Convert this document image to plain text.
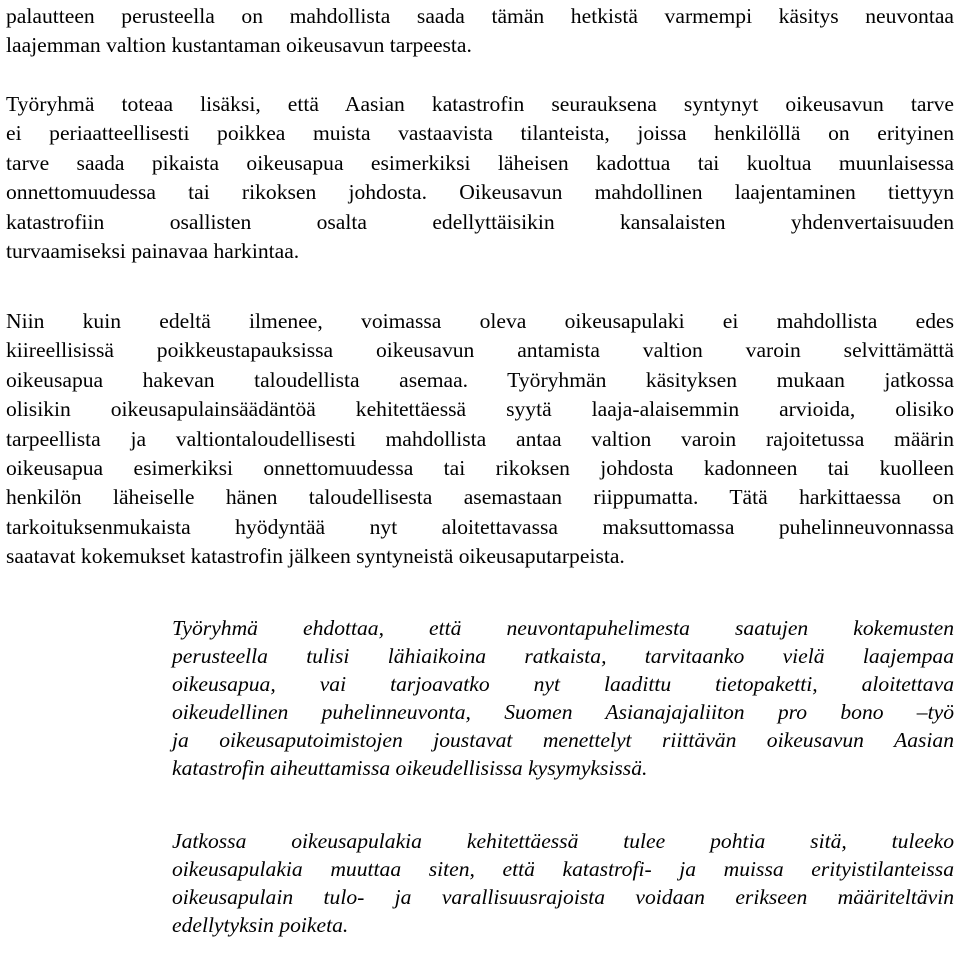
palautteen perusteella on mahdollista saada tämän hetkistä varmempi käsitys neuvontaa
laajemman valtion kustantaman oikeusavun tarpeesta.
Työryhmä toteaa lisäksi, että Aasian katastrofin seurauksena syntynyt oikeusavun tarve
ei periaatteellisesti poikkea muista vastaavista tilanteista, joissa henkilöllä on erityinen
tarve saada pikaista oikeusapua esimerkiksi läheisen kadottua tai kuoltua muunlaisessa
onnettomuudessa tai rikoksen johdosta. Oikeusavun mahdollinen laajentaminen tiettyyn
katastrofiin osallisten osalta edellyttäisikin kansalaisten yhdenvertaisuuden
turvaamiseksi painavaa harkintaa.
Niin kuin edeltä ilmenee, voimassa oleva oikeusapulaki ei mahdollista edes
kiireellisissä poikkeustapauksissa oikeusavun antamista valtion varoin selvittämättä
oikeusapua hakevan taloudellista asemaa. Työryhmän käsityksen mukaan jatkossa
olisikin oikeusapulainsäädäntöä kehitettäessä syytä laaja-alaisemmin arvioida, olisiko
tarpeellista ja valtiontaloudellisesti mahdollista antaa valtion varoin rajoitetussa määrin
oikeusapua esimerkiksi onnettomuudessa tai rikoksen johdosta kadonneen tai kuolleen
henkilön läheiselle hänen taloudellisesta asemastaan riippumatta. Tätä harkittaessa on
tarkoituksenmukaista hyödyntää nyt aloitettavassa maksuttomassa puhelinneuvonnassa
saatavat kokemukset katastrofin jälkeen syntyneistä oikeusaputarpeista.
Työryhmä ehdottaa, että neuvontapuhelimesta saatujen kokemusten
perusteella tulisi lähiaikoina ratkaista, tarvitaanko vielä laajempaa
oikeusapua, vai tarjoavatko nyt laadittu tietopaketti, aloitettava
oikeudellinen puhelinneuvonta, Suomen Asianajajaliiton pro bono –työ
ja oikeusaputoimistojen joustavat menettelyt riittävän oikeusavun Aasian
katastrofin aiheuttamissa oikeudellisissa kysymyksissä.
Jatkossa oikeusapulakia kehitettäessä tulee pohtia sitä, tuleeko
oikeusapulakia muuttaa siten, että katastrofi- ja muissa erityistilanteissa
oikeusapulain tulo- ja varallisuusrajoista voidaan erikseen määriteltävin
edellytyksin poiketa.
